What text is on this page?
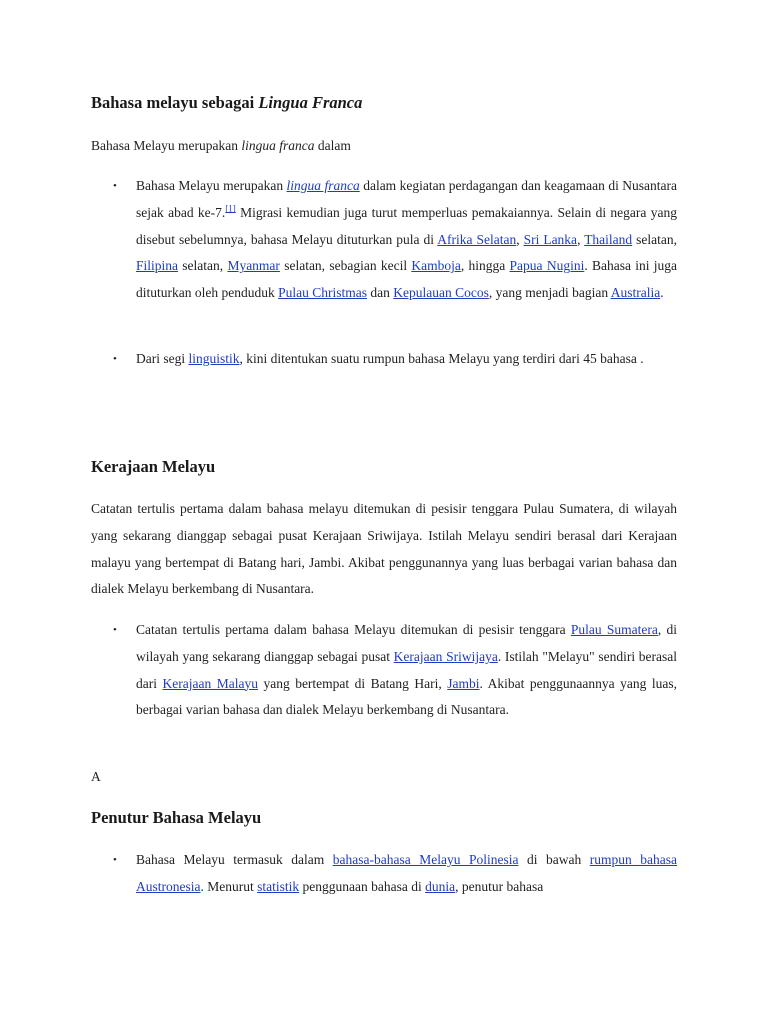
Bahasa melayu sebagai Lingua Franca

Bahasa Melayu merupakan lingua franca dalam

• Bahasa Melayu merupakan lingua franca dalam kegiatan perdagangan dan keagamaan di Nusantara sejak abad ke-7.[1] Migrasi kemudian juga turut memperluas pemakaiannya. Selain di negara yang disebut sebelumnya, bahasa Melayu dituturkan pula di Afrika Selatan, Sri Lanka, Thailand selatan, Filipina selatan, Myanmar selatan, sebagian kecil Kamboja, hingga Papua Nugini. Bahasa ini juga dituturkan oleh penduduk Pulau Christmas dan Kepulauan Cocos, yang menjadi bagian Australia.

• Dari segi linguistik, kini ditentukan suatu rumpun bahasa Melayu yang terdiri dari 45 bahasa .

Kerajaan Melayu

Catatan tertulis pertama dalam bahasa melayu ditemukan di pesisir tenggara Pulau Sumatera, di wilayah yang sekarang dianggap sebagai pusat Kerajaan Sriwijaya. Istilah Melayu sendiri berasal dari Kerajaan malayu yang bertempat di Batang hari, Jambi. Akibat penggunannya yang luas berbagai varian bahasa dan dialek Melayu berkembang di Nusantara.

• Catatan tertulis pertama dalam bahasa Melayu ditemukan di pesisir tenggara Pulau Sumatera, di wilayah yang sekarang dianggap sebagai pusat Kerajaan Sriwijaya. Istilah "Melayu" sendiri berasal dari Kerajaan Malayu yang bertempat di Batang Hari, Jambi. Akibat penggunaannya yang luas, berbagai varian bahasa dan dialek Melayu berkembang di Nusantara.

A

Penutur Bahasa Melayu
• Bahasa Melayu termasuk dalam bahasa-bahasa Melayu Polinesia di bawah rumpun bahasa Austronesia. Menurut statistik penggunaan bahasa di dunia, penutur bahasa
